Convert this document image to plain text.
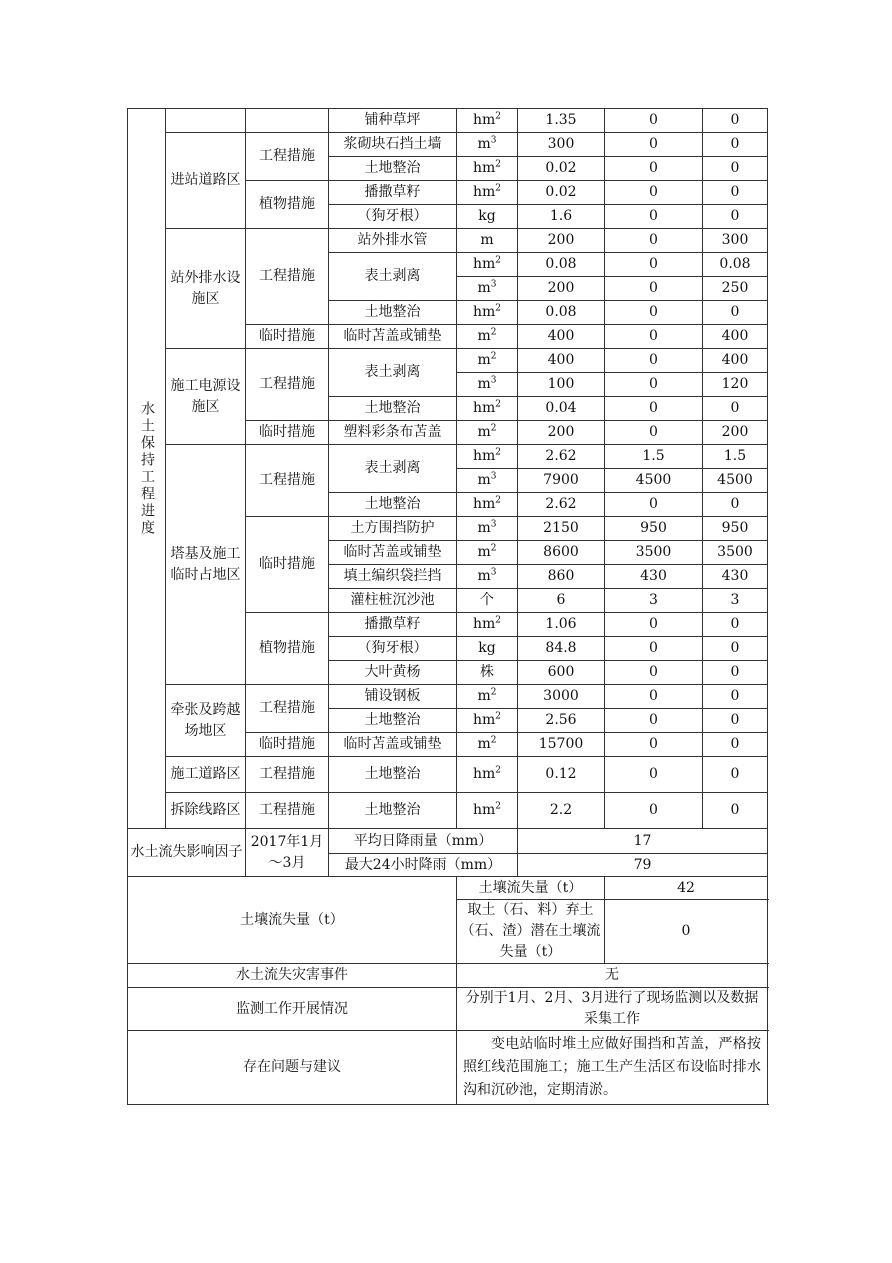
水土保持工程进度			铺种草坪	$hm^2$	1.35	0	0
	进站道路区	工程措施	浆砌块石挡土墙	$m^3$	300	0	0
			土地整治	$hm^2$	0.02	0	0
		植物措施	播撒草籽	$hm^2$	0.02	0	0
			（狗牙根）	kg	1.6	0	0
	站外排水设施区	工程措施	站外排水管	m	200	0	300
			表土剥离	$hm^2$	0.08	0	0.08
				$m^3$	200	0	250
			土地整治	$hm^2$	0.08	0	0
		临时措施	临时苫盖或铺垫	$m^2$	400	0	400
	施工电源设施区	工程措施	表土剥离	$m^2$	400	0	400
				$m^3$	100	0	120
			土地整治	$hm^2$	0.04	0	0
		临时措施	塑料彩条布苫盖	$m^2$	200	0	200
	塔基及施工临时占地区	工程措施	表土剥离	$hm^2$	2.62	1.5	1.5
				$m^3$	7900	4500	4500
			土地整治	$hm^2$	2.62	0	0
		临时措施	土方围挡防护	$m^3$	2150	950	950
			临时苫盖或铺垫	$m^2$	8600	3500	3500
			填土编织袋拦挡	$m^3$	860	430	430
			灌柱桩沉沙池	个	6	3	3
		植物措施	播撒草籽	$hm^2$	1.06	0	0
			（狗牙根）	kg	84.8	0	0
			大叶黄杨	株	600	0	0
	牵张及跨越场地区	工程措施	铺设钢板	$m^2$	3000	0	0
			土地整治	$hm^2$	2.56	0	0
		临时措施	临时苫盖或铺垫	$m^2$	15700	0	0
	施工道路区	工程措施	土地整治	$hm^2$	0.12	0	0
	拆除线路区	工程措施	土地整治	$hm^2$	2.2	0	0
水土流失影响因子		2017年1月～3月	平均日降雨量（mm）		17		
			最大24小时降雨（mm）		79		
土壤流失量（t）				土壤流失量（t）		42	
				取土（石、料）弃土（石、渣）潜在土壤流失量（t）		0	
水土流失灾害事件				无			
监测工作开展情况				分别于1月、2月、3月进行了现场监测以及数据采集工作			
存在问题与建议				变电站临时堆土应做好围挡和苫盖，严格按照红线范围施工；施工生产生活区布设临时排水沟和沉砂池，定期清淤。			
